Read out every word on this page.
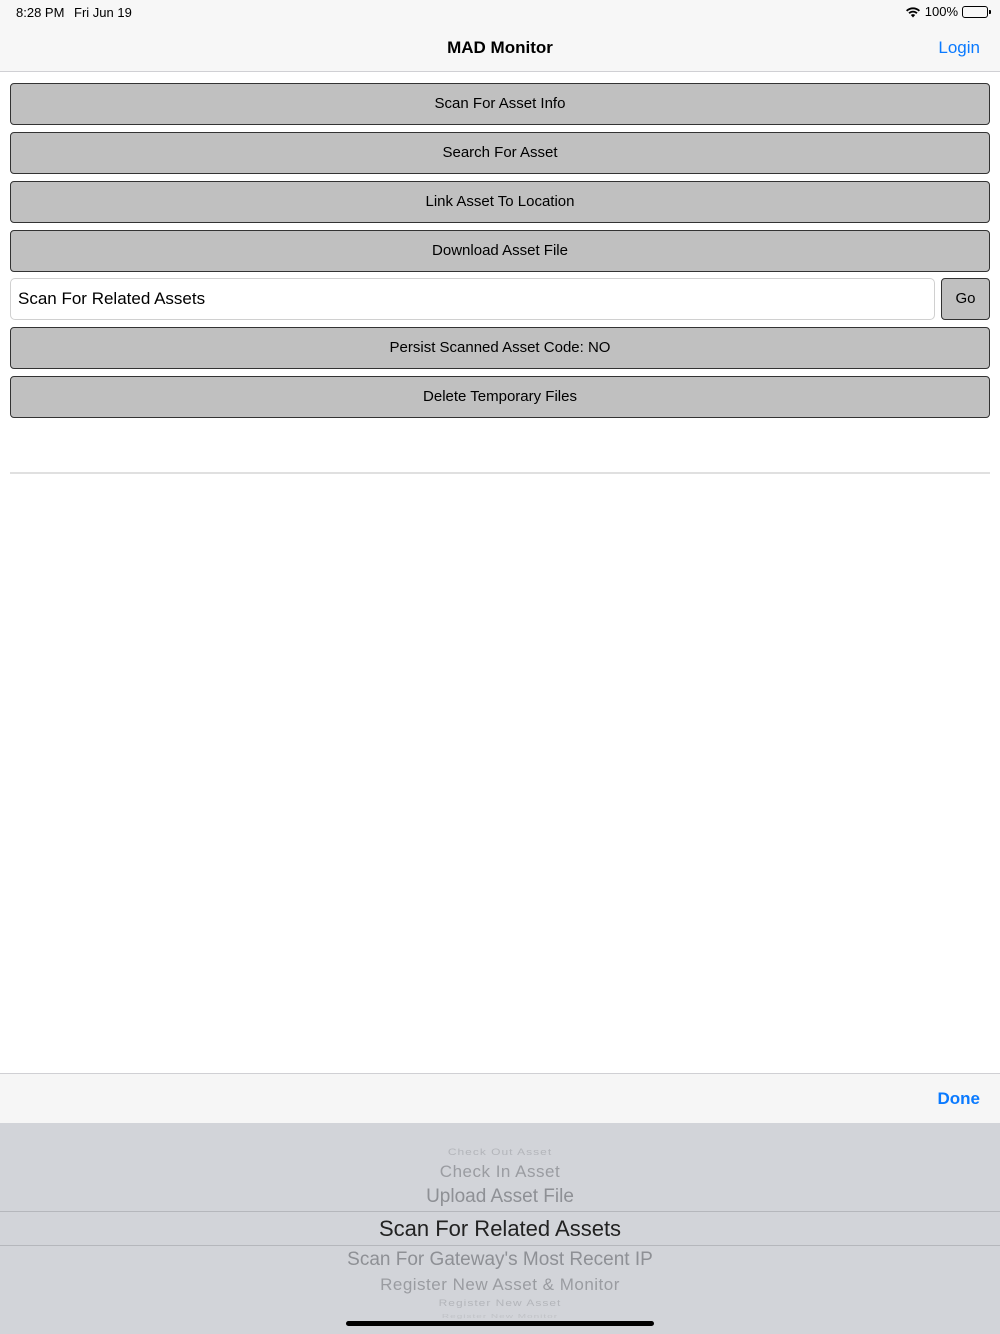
8:28 PM Fri Jun 19	100%
MAD Monitor	Login
Scan For Asset Info
Search For Asset
Link Asset To Location
Download Asset File
Scan For Related Assets	Go
Persist Scanned Asset Code: NO
Delete Temporary Files
Done
Check Out Asset
Check In Asset
Upload Asset File
Scan For Related Assets
Scan For Gateway's Most Recent IP
Register New Asset & Monitor
Register New Asset
Register New Monitor
